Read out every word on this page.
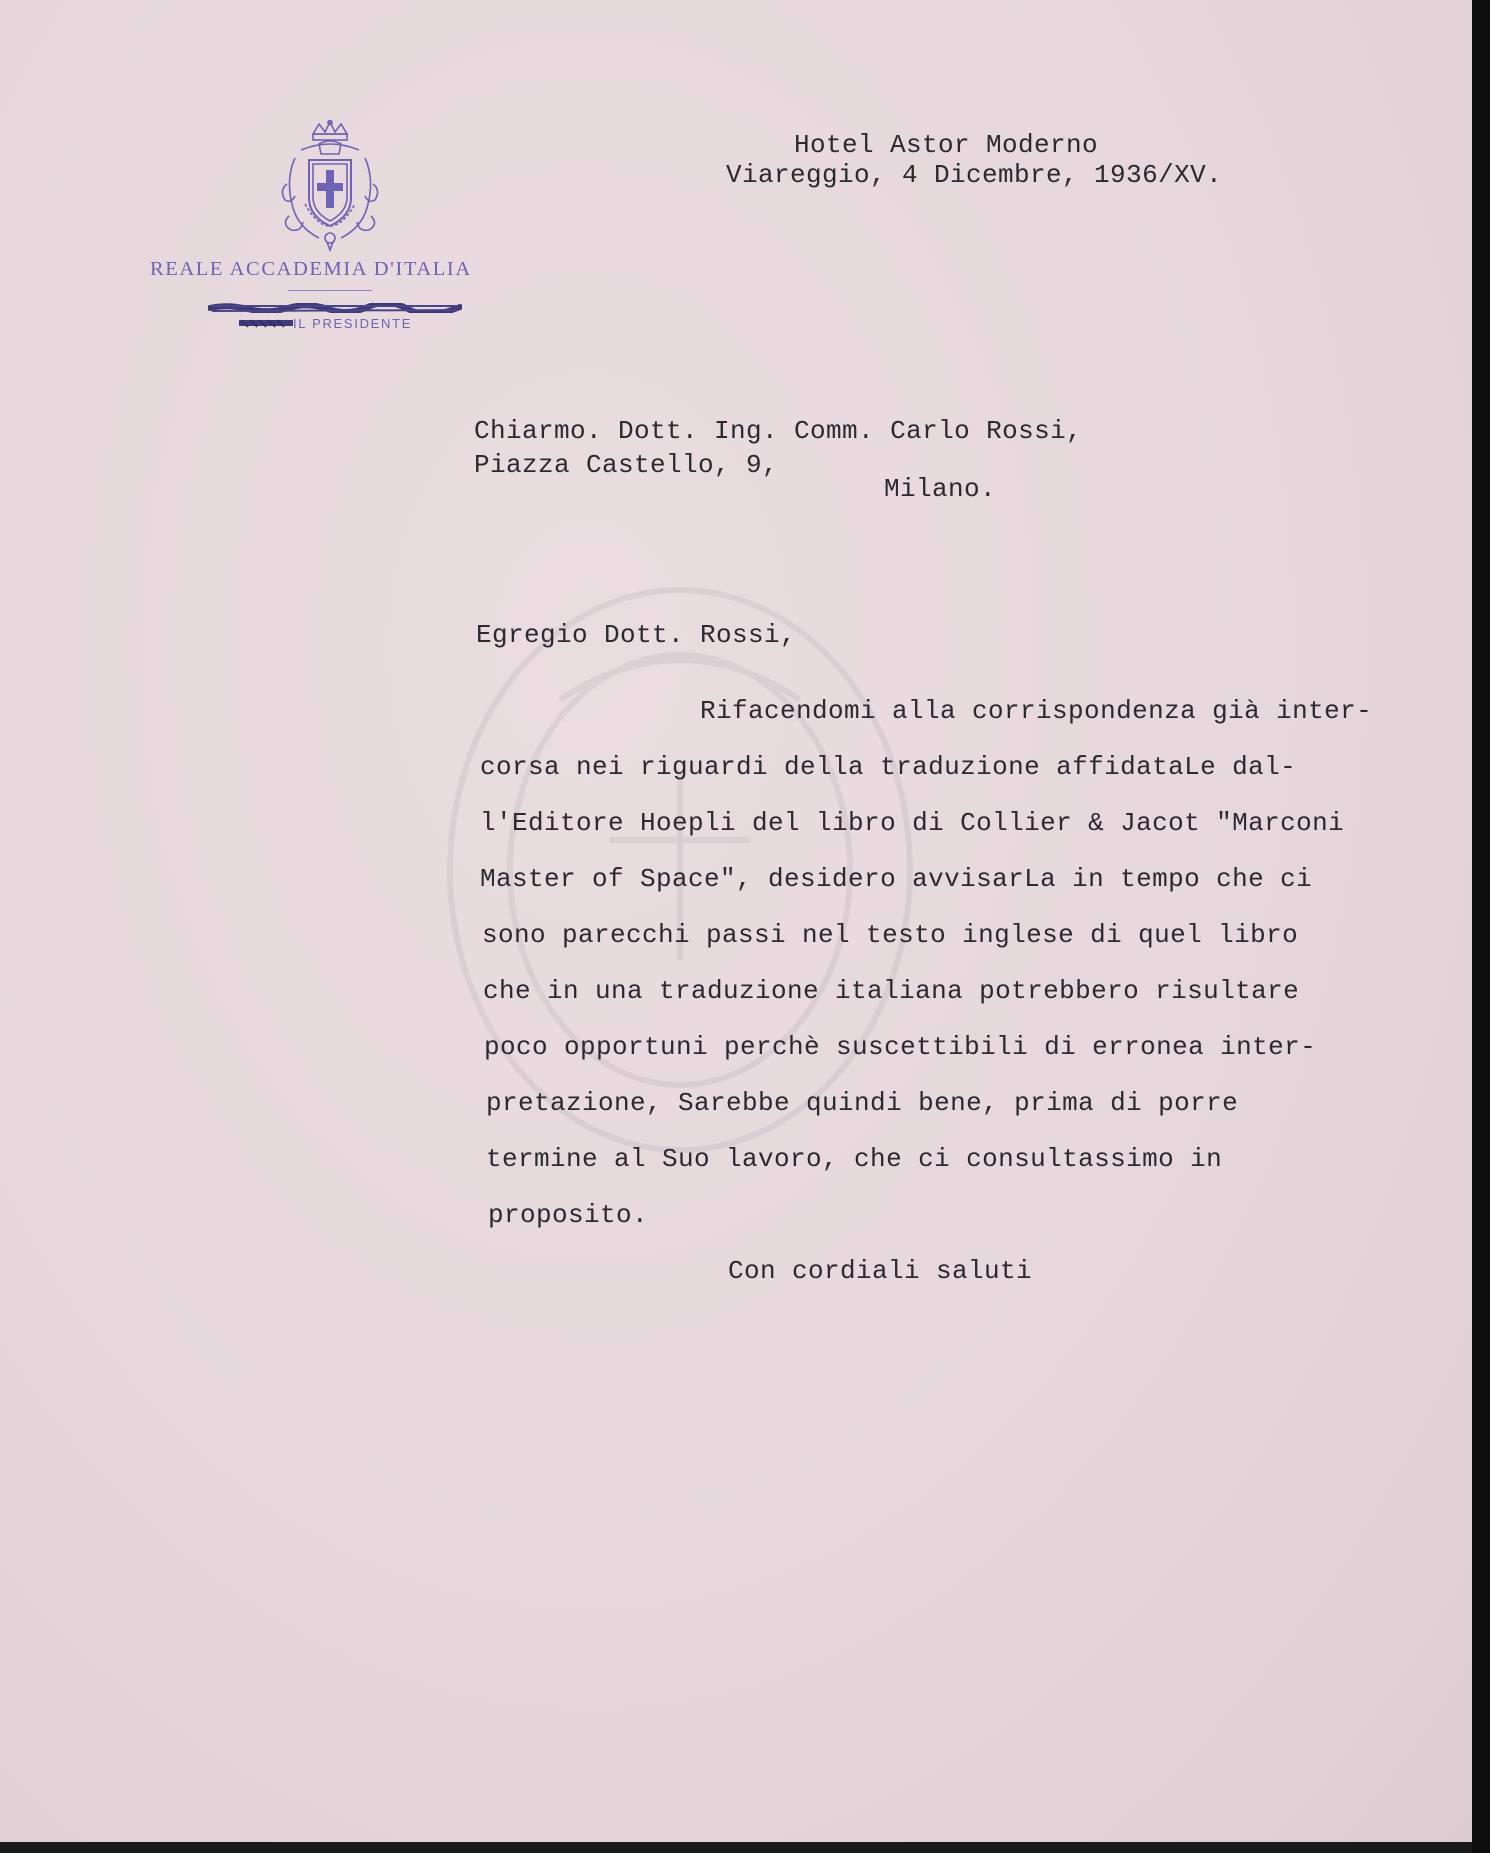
REALE ACCADEMIA D'ITALIA
IL PRESIDENTE
Hotel Astor Moderno
Viareggio, 4 Dicembre, 1936/XV.
Chiarmo. Dott. Ing. Comm. Carlo Rossi,
Piazza Castello, 9,
Milano.
Egregio Dott. Rossi,
Rifacendomi alla corrispondenza già inter-
corsa nei riguardi della traduzione affidataLe dal-
l'Editore Hoepli del libro di Collier & Jacot "Marconi
Master of Space", desidero avvisarLa in tempo che ci
sono parecchi passi nel testo inglese di quel libro
che in una traduzione italiana potrebbero risultare
poco opportuni perchè suscettibili di erronea inter-
pretazione, Sarebbe quindi bene, prima di porre
termine al Suo lavoro, che ci consultassimo in
proposito.
Con cordiali saluti
